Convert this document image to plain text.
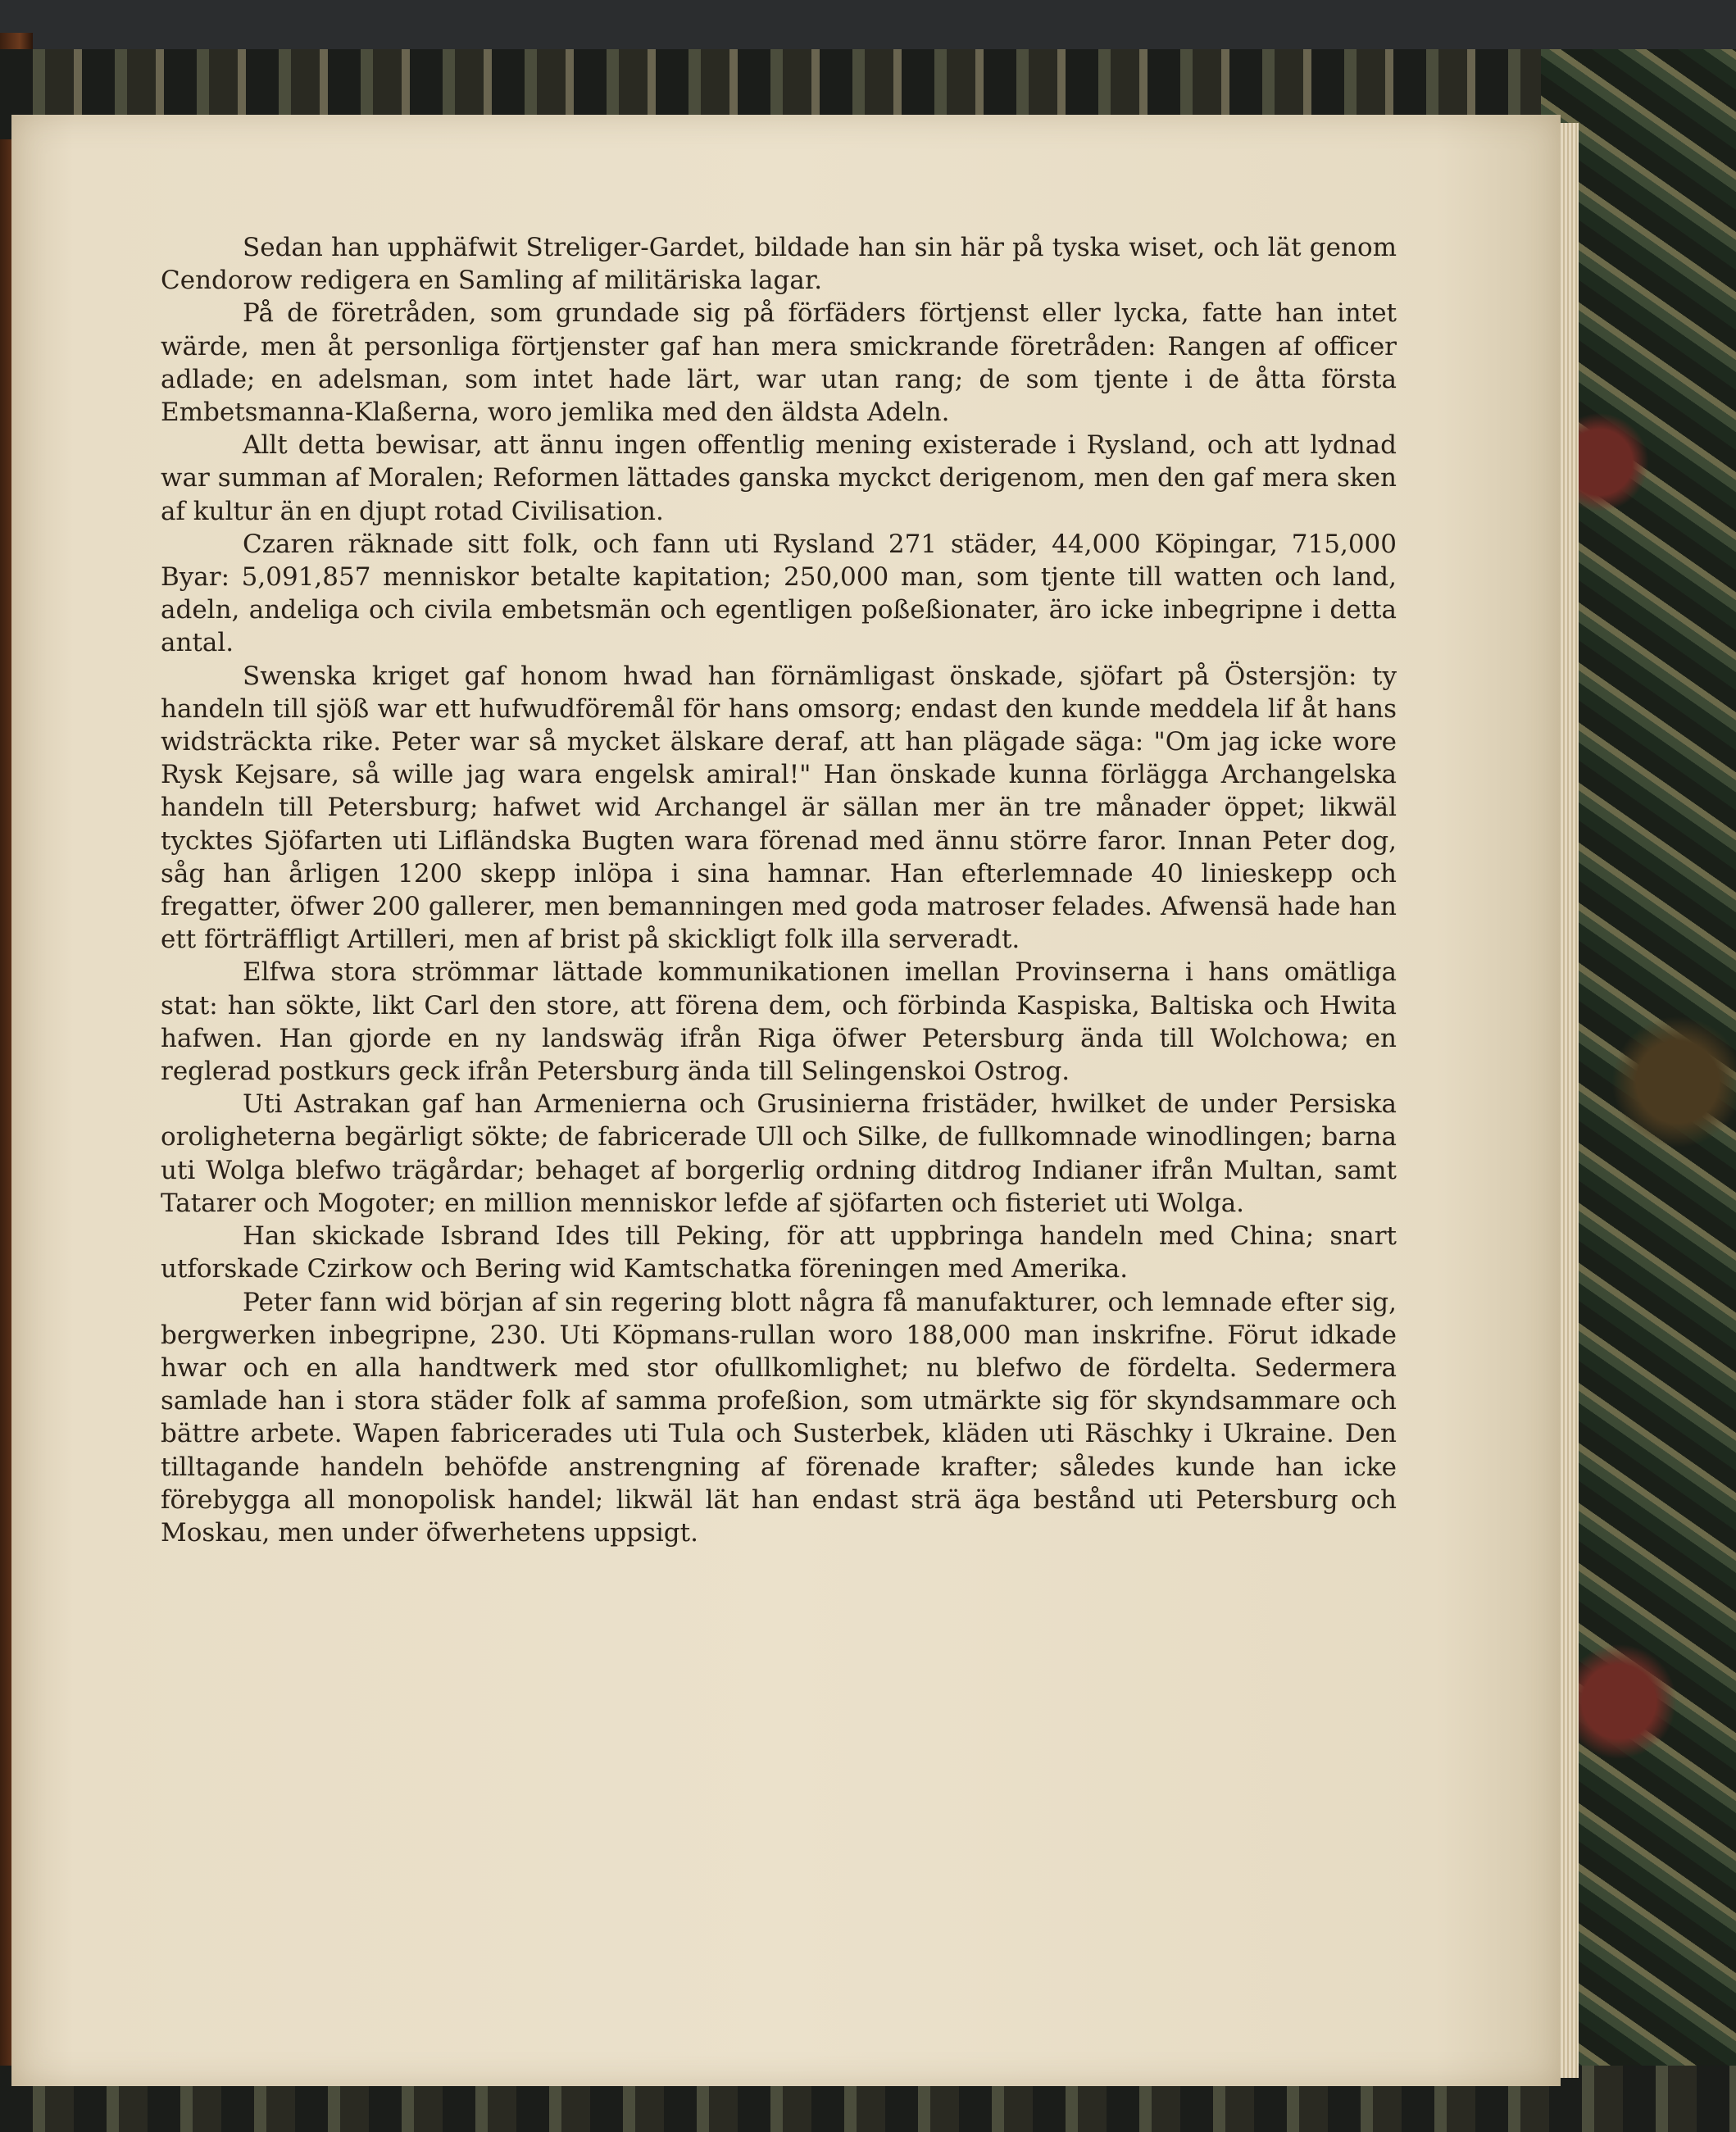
Sedan han upphäfwit Streliger-Gardet, bildade han sin här på tyska wiset, och lät genom Cendorow redigera en Samling af militäriska lagar.

På de företråden, som grundade sig på förfäders förtjenst eller lycka, fatte han intet wärde, men åt personliga förtjenster gaf han mera smickrande företråden: Rangen af officer adlade; en adelsman, som intet hade lärt, war utan rang; de som tjente i de åtta första Embetsmanna-Klaßerna, woro jemlika med den äldsta Adeln.

Allt detta bewisar, att ännu ingen offentlig mening existerade i Rysland, och att lydnad war summan af Moralen; Reformen lättades ganska myckct derigenom, men den gaf mera sken af kultur än en djupt rotad Civilisation.

Czaren räknade sitt folk, och fann uti Rysland 271 städer, 44,000 Köpingar, 715,000 Byar: 5,091,857 menniskor betalte kapitation; 250,000 man, som tjente till watten och land, adeln, andeliga och civila embetsmän och egentligen poßeßionater, äro icke inbegripne i detta antal.

Swenska kriget gaf honom hwad han förnämligast önskade, sjöfart på Östersjön: ty handeln till sjöß war ett hufwudföremål för hans omsorg; endast den kunde meddela lif åt hans widsträckta rike. Peter war så mycket älskare deraf, att han plägade säga: "Om jag icke wore Rysk Kejsare, så wille jag wara engelsk amiral!" Han önskade kunna förlägga Archangelska handeln till Petersburg; hafwet wid Archangel är sällan mer än tre månader öppet; likwäl tycktes Sjöfarten uti Lifländska Bugten wara förenad med ännu större faror. Innan Peter dog, såg han årligen 1200 skepp inlöpa i sina hamnar. Han efterlemnade 40 linieskepp och fregatter, öfwer 200 gallerer, men bemanningen med goda matroser felades. Afwensä hade han ett förträffligt Artilleri, men af brist på skickligt folk illa serveradt.

Elfwa stora strömmar lättade kommunikationen imellan Provinserna i hans omätliga stat: han sökte, likt Carl den store, att förena dem, och förbinda Kaspiska, Baltiska och Hwita hafwen. Han gjorde en ny landswäg ifrån Riga öfwer Petersburg ända till Wolchowa; en reglerad postkurs geck ifrån Petersburg ända till Selingenskoi Ostrog.

Uti Astrakan gaf han Armenierna och Grusinierna fristäder, hwilket de under Persiska oroligheterna begärligt sökte; de fabricerade Ull och Silke, de fullkomnade winodlingen; barna uti Wolga blefwo trägårdar; behaget af borgerlig ordning ditdrog Indianer ifrån Multan, samt Tatarer och Mogoter; en million menniskor lefde af sjöfarten och fisteriet uti Wolga.

Han skickade Isbrand Ides till Peking, för att uppbringa handeln med China; snart utforskade Czirkow och Bering wid Kamtschatka föreningen med Amerika.

Peter fann wid början af sin regering blott några få manufakturer, och lemnade efter sig, bergwerken inbegripne, 230. Uti Köpmans-rullan woro 188,000 man inskrifne. Förut idkade hwar och en alla handtwerk med stor ofullkomlighet; nu blefwo de fördelta. Sedermera samlade han i stora städer folk af samma profeßion, som utmärkte sig för skyndsammare och bättre arbete. Wapen fabricerades uti Tula och Susterbek, kläden uti Räschky i Ukraine. Den tilltagande handeln behöfde anstrengning af förenade krafter; således kunde han icke förebygga all monopolisk handel; likwäl lät han endast strä äga bestånd uti Petersburg och Moskau, men under öfwerhetens uppsigt.
